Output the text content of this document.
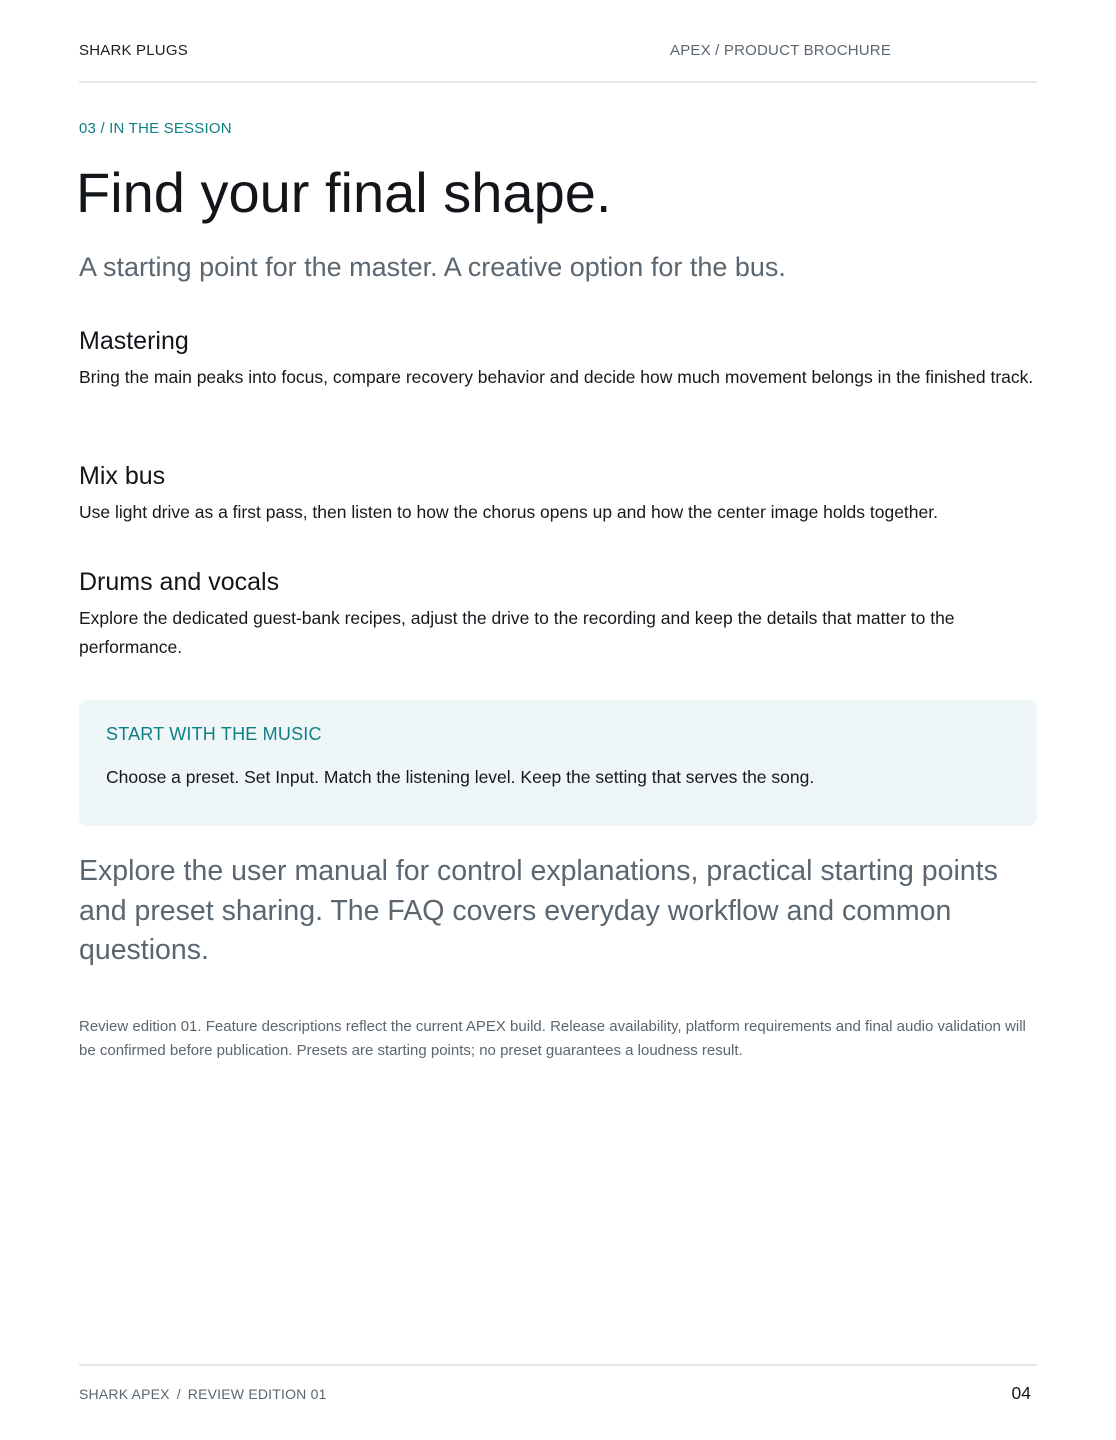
SHARK PLUGS	APEX / PRODUCT BROCHURE
03 / IN THE SESSION
Find your final shape.

A starting point for the master. A creative option for the bus.

Mastering

Bring the main peaks into focus, compare recovery behavior and decide how much movement belongs in the finished track.

Mix bus

Use light drive as a first pass, then listen to how the chorus opens up and how the center image holds together.

Drums and vocals

Explore the dedicated guest-bank recipes, adjust the drive to the recording and keep the details that matter to the performance.

START WITH THE MUSIC
Choose a preset. Set Input. Match the listening level. Keep the setting that serves the song.

Explore the user manual for control explanations, practical starting points and preset sharing. The FAQ covers everyday workflow and common questions.

Review edition 01. Feature descriptions reflect the current APEX build. Release availability, platform requirements and final audio validation will be confirmed before publication. Presets are starting points; no preset guarantees a loudness result.

SHARK APEX / REVIEW EDITION 01	04
